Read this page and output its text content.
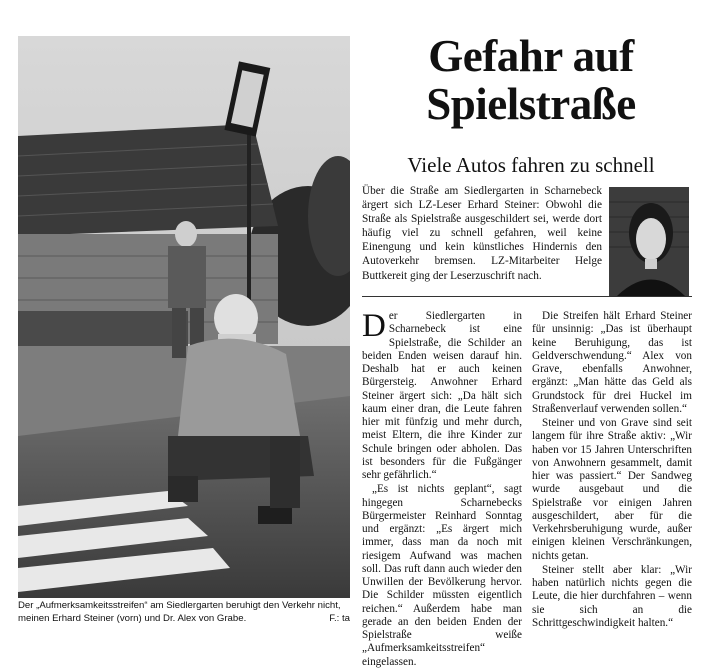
Der „Aufmerksamkeitsstreifen“ am Siedlergarten beruhigt den Verkehr nicht, meinen Erhard Steiner (vorn) und Dr. Alex von Grabe.	F.: ta
Gefahr auf
Spielstraße
Viele Autos fahren zu schnell
Über die Straße am Siedlergarten in Scharnebeck ärgert sich LZ-Leser Erhard Steiner: Obwohl die Straße als Spielstraße ausgeschildert sei, werde dort häufig viel zu schnell gefahren, weil keine Einengung und kein künstliches Hindernis den Autoverkehr bremsen. LZ-Mitarbeiter Helge Buttkereit ging der Leserzuschrift nach.

Der Siedlergarten in Scharnebeck ist eine Spielstraße, die Schilder an beiden Enden weisen darauf hin. Deshalb hat er auch keinen Bürgersteig. Anwohner Erhard Steiner ärgert sich: „Da hält sich kaum einer dran, die Leute fahren hier mit fünfzig und mehr durch, meist Eltern, die ihre Kinder zur Schule bringen oder abholen. Das ist besonders für die Fußgänger sehr gefährlich.“

„Es ist nichts geplant“, sagt hingegen Scharnebecks Bürgermeister Reinhard Sonntag und ergänzt: „Es ärgert mich immer, dass man da noch mit riesigem Aufwand was machen soll. Das ruft dann auch wieder den Unwillen der Bevölkerung hervor. Die Schilder müssten eigentlich reichen.“ Außerdem habe man gerade an den beiden Enden der Spielstraße weiße „Aufmerksamkeitsstreifen“ eingelassen.

Die Streifen hält Erhard Steiner für unsinnig: „Das ist überhaupt keine Beruhigung, das ist Geldverschwendung.“ Alex von Grave, ebenfalls Anwohner, ergänzt: „Man hätte das Geld als Grundstock für drei Huckel im Straßenverlauf verwenden sollen.“

Steiner und von Grave sind seit langem für ihre Straße aktiv: „Wir haben vor 15 Jahren Unterschriften von Anwohnern gesammelt, damit hier was passiert.“ Der Sandweg wurde ausgebaut und die Spielstraße vor einigen Jahren ausgeschildert, aber für die Verkehrsberuhigung wurde, außer einigen kleinen Verschränkungen, nichts getan.

Steiner stellt aber klar: „Wir haben natürlich nichts gegen die Leute, die hier durchfahren – wenn sie sich an die Schrittgeschwindigkeit halten.“
